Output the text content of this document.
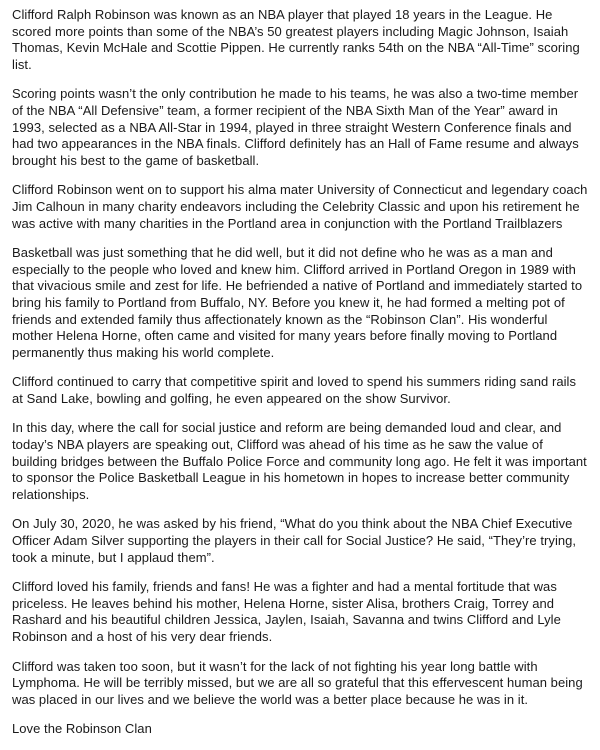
Clifford Ralph Robinson was known as an NBA player that played 18 years in the League. He scored more points than some of the NBA’s 50 greatest players including Magic Johnson, Isaiah Thomas, Kevin McHale and Scottie Pippen. He currently ranks 54th on the NBA “All-Time” scoring list.

Scoring points wasn’t the only contribution he made to his teams, he was also a two-time member of the NBA “All Defensive” team, a former recipient of the NBA Sixth Man of the Year” award in 1993, selected as a NBA All-Star in 1994, played in three straight Western Conference finals and had two appearances in the NBA finals. Clifford definitely has an Hall of Fame resume and always brought his best to the game of basketball.

Clifford Robinson went on to support his alma mater University of Connecticut and legendary coach Jim Calhoun in many charity endeavors including the Celebrity Classic and upon his retirement he was active with many charities in the Portland area in conjunction with the Portland Trailblazers

Basketball was just something that he did well, but it did not define who he was as a man and especially to the people who loved and knew him. Clifford arrived in Portland Oregon in 1989 with that vivacious smile and zest for life. He befriended a native of Portland and immediately started to bring his family to Portland from Buffalo, NY. Before you knew it, he had formed a melting pot of friends and extended family thus affectionately known as the “Robinson Clan”. His wonderful mother Helena Horne, often came and visited for many years before finally moving to Portland permanently thus making his world complete.

Clifford continued to carry that competitive spirit and loved to spend his summers riding sand rails at Sand Lake, bowling and golfing, he even appeared on the show Survivor.

In this day, where the call for social justice and reform are being demanded loud and clear, and today’s NBA players are speaking out, Clifford was ahead of his time as he saw the value of building bridges between the Buffalo Police Force and community long ago. He felt it was important to sponsor the Police Basketball League in his hometown in hopes to increase better community relationships.

On July 30, 2020, he was asked by his friend, “What do you think about the NBA Chief Executive Officer Adam Silver supporting the players in their call for Social Justice? He said, “They’re trying, took a minute, but I applaud them”.

Clifford loved his family, friends and fans! He was a fighter and had a mental fortitude that was priceless. He leaves behind his mother, Helena Horne, sister Alisa, brothers Craig, Torrey and Rashard and his beautiful children Jessica, Jaylen, Isaiah, Savanna and twins Clifford and Lyle Robinson and a host of his very dear friends.

Clifford was taken too soon, but it wasn’t for the lack of not fighting his year long battle with Lymphoma. He will be terribly missed, but we are all so grateful that this effervescent human being was placed in our lives and we believe the world was a better place because he was in it.

Love the Robinson Clan
